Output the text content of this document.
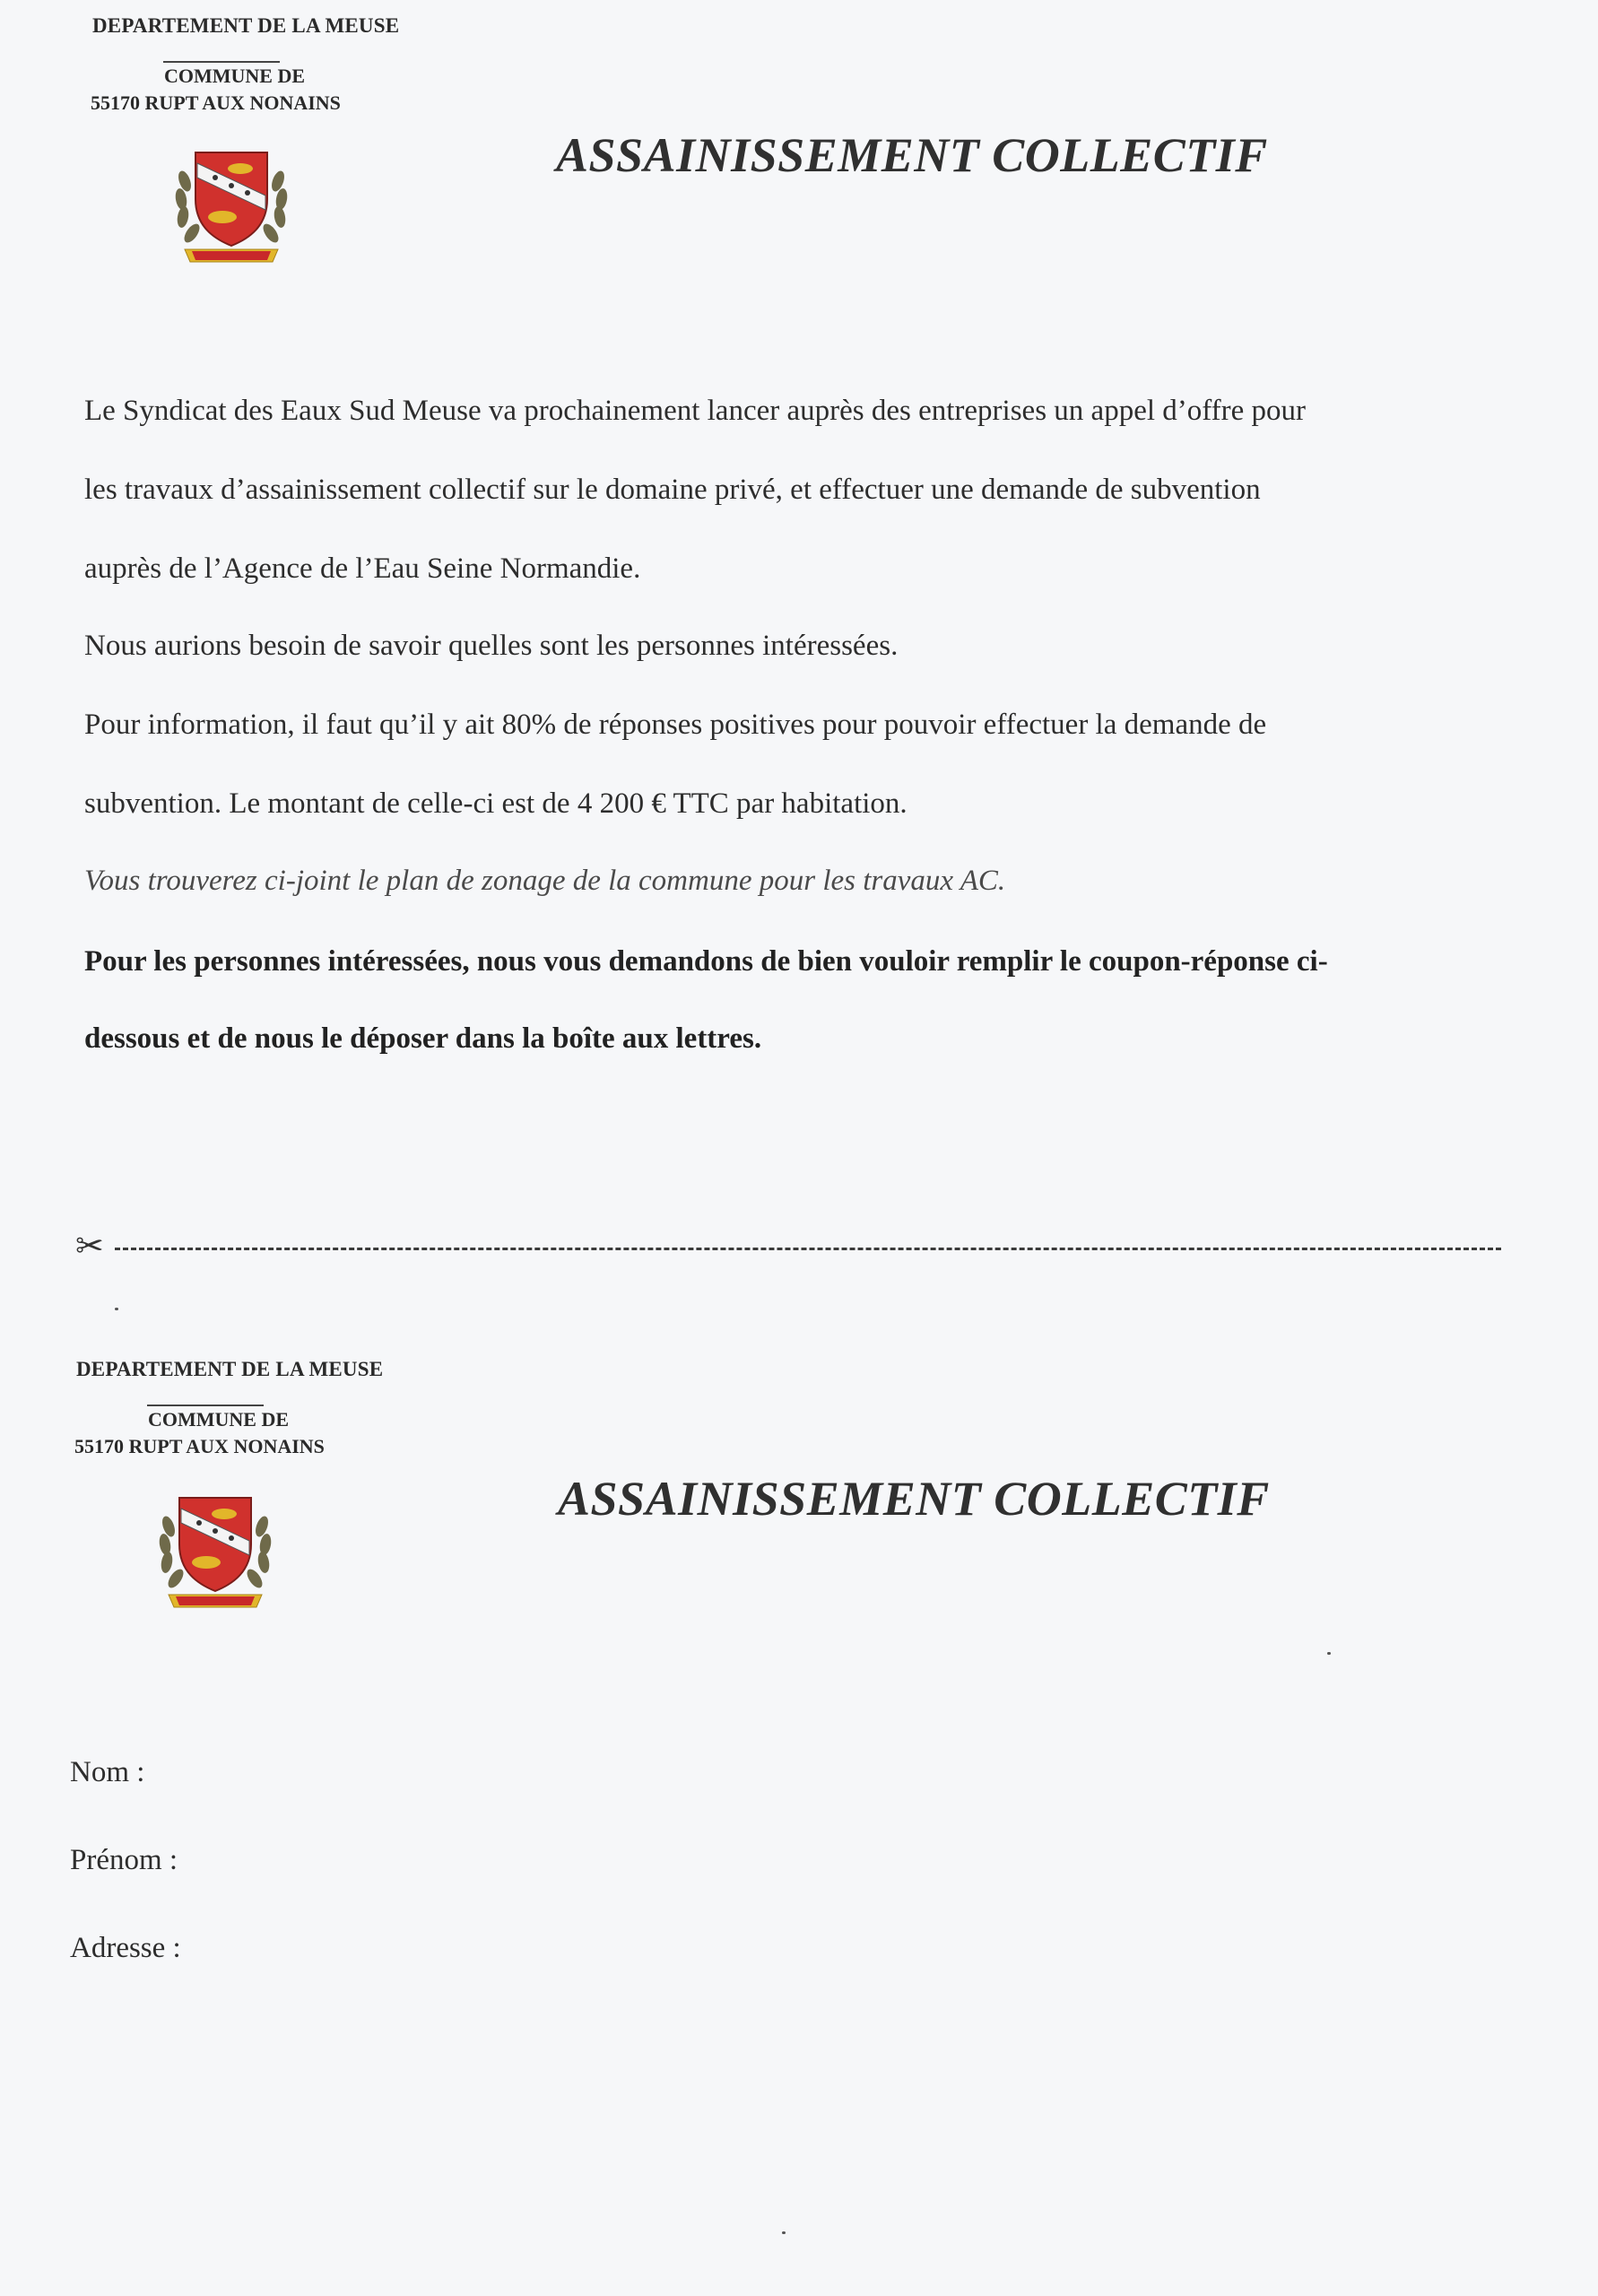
DEPARTEMENT DE LA MEUSE
COMMUNE DE
55170 RUPT AUX NONAINS
ASSAINISSEMENT COLLECTIF
Le Syndicat des Eaux Sud Meuse va prochainement lancer auprès des entreprises un appel d’offre pour
les travaux d’assainissement collectif sur le domaine privé, et effectuer une demande de subvention
auprès de l’Agence de l’Eau Seine Normandie.
Nous aurions besoin de savoir quelles sont les personnes intéressées.
Pour information, il faut qu’il y ait 80% de réponses positives pour pouvoir effectuer la demande de
subvention. Le montant de celle-ci est de 4 200 € TTC par habitation.
Vous trouverez ci-joint le plan de zonage de la commune pour les travaux AC.
Pour les personnes intéressées, nous vous demandons de bien vouloir remplir le coupon-réponse ci-
dessous et de nous le déposer dans la boîte aux lettres.
✂
DEPARTEMENT DE LA MEUSE
COMMUNE DE
55170 RUPT AUX NONAINS
ASSAINISSEMENT COLLECTIF
Nom :
Prénom :
Adresse :
